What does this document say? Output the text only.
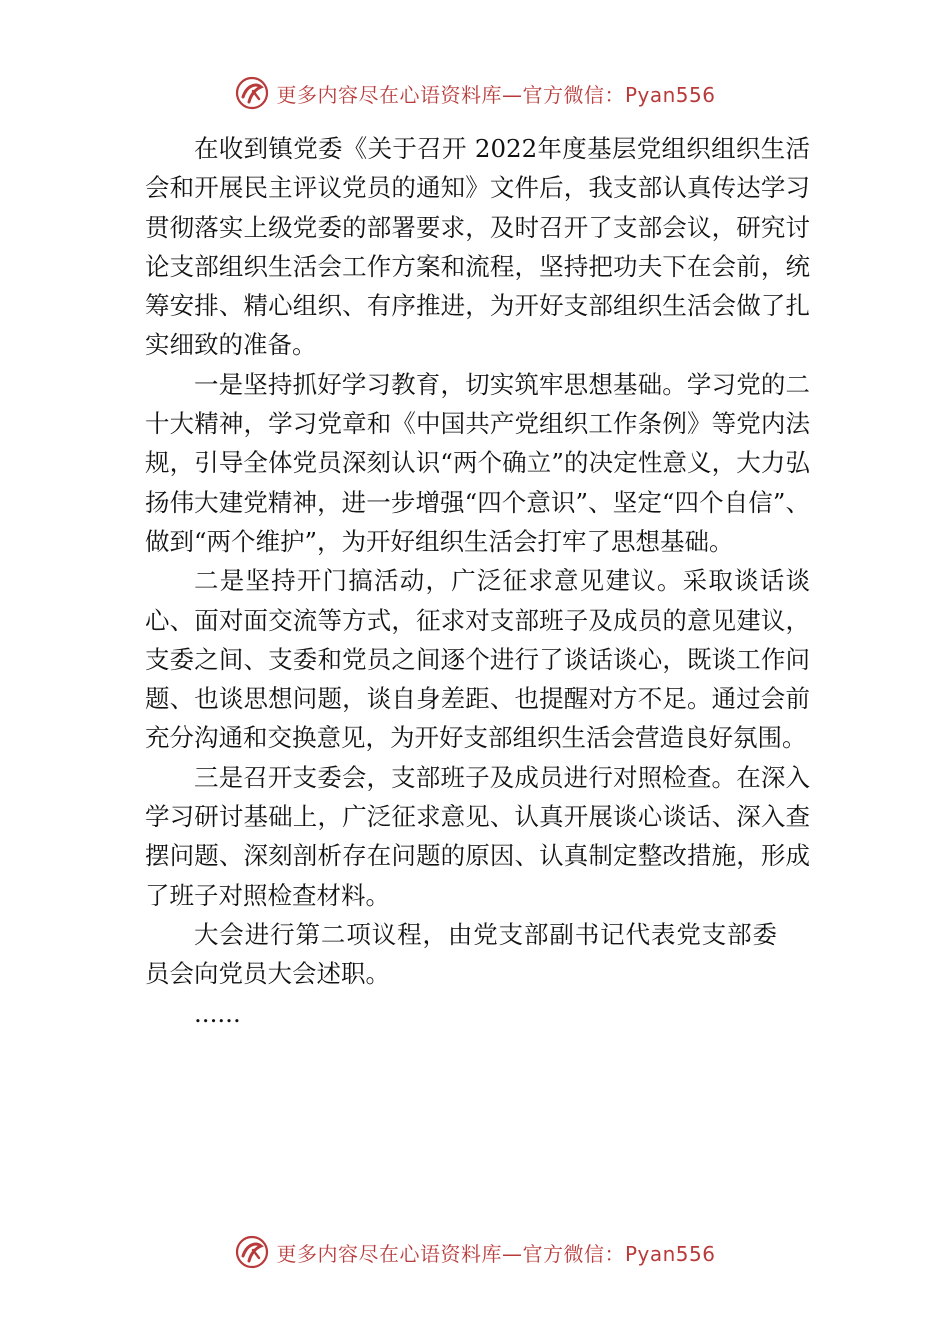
更多内容尽在心语资料库—官方微信：Pyan556

在收到镇党委《关于召开 2022年度基层党组织组织生活会和开展民主评议党员的通知》文件后，我支部认真传达学习贯彻落实上级党委的部署要求，及时召开了支部会议，研究讨论支部组织生活会工作方案和流程，坚持把功夫下在会前，统筹安排、精心组织、有序推进，为开好支部组织生活会做了扎实细致的准备。

一是坚持抓好学习教育，切实筑牢思想基础。学习党的二十大精神，学习党章和《中国共产党组织工作条例》等党内法规，引导全体党员深刻认识“两个确立”的决定性意义，大力弘扬伟大建党精神，进一步增强“四个意识”、坚定“四个自信”、做到“两个维护”，为开好组织生活会打牢了思想基础。

二是坚持开门搞活动，广泛征求意见建议。采取谈话谈心、面对面交流等方式，征求对支部班子及成员的意见建议，支委之间、支委和党员之间逐个进行了谈话谈心，既谈工作问题、也谈思想问题，谈自身差距、也提醒对方不足。通过会前充分沟通和交换意见，为开好支部组织生活会营造良好氛围。

三是召开支委会，支部班子及成员进行对照检查。在深入学习研讨基础上，广泛征求意见、认真开展谈心谈话、深入查摆问题、深刻剖析存在问题的原因、认真制定整改措施，形成了班子对照检查材料。

大会进行第二项议程，由党支部副书记代表党支部委员会向党员大会述职。

......

更多内容尽在心语资料库—官方微信：Pyan556
